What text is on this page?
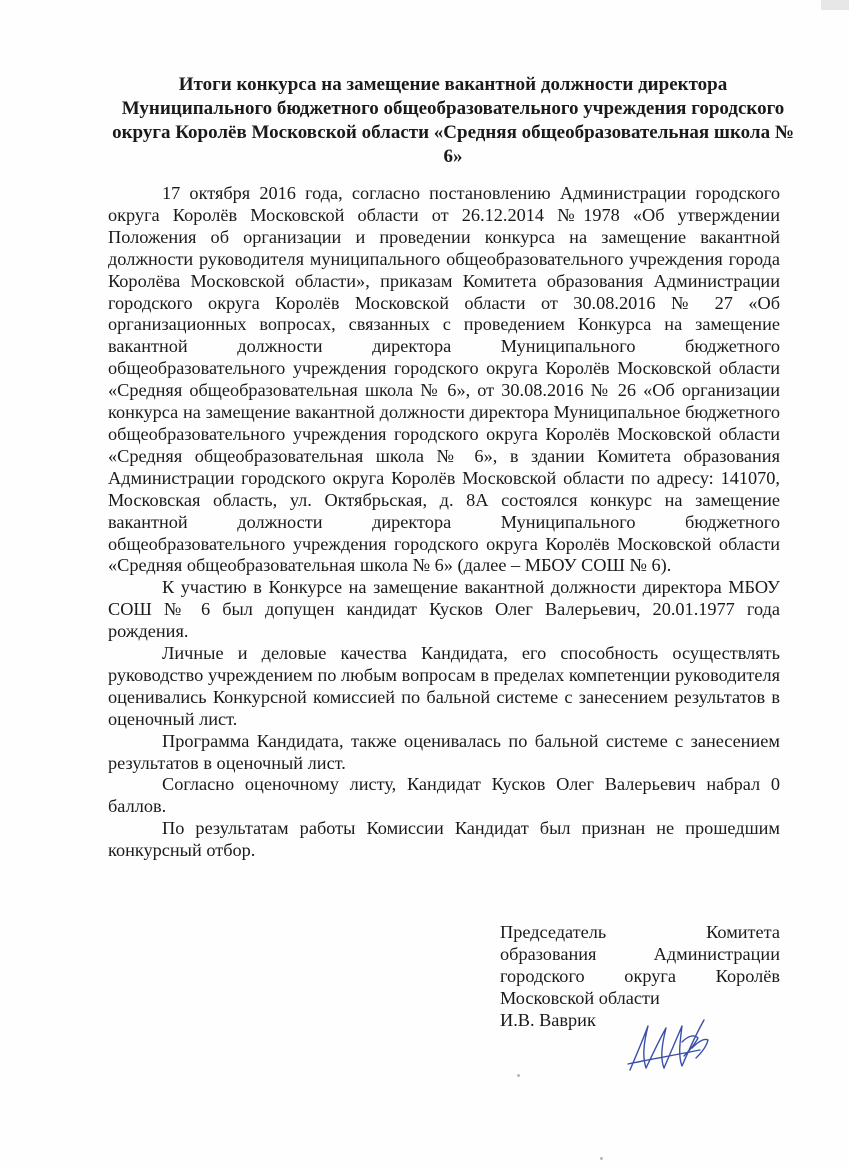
Итоги конкурса на замещение вакантной должности директора Муниципального бюджетного общеобразовательного учреждения городского округа Королёв Московской области «Средняя общеобразовательная школа № 6»

17 октября 2016 года, согласно постановлению Администрации городского округа Королёв Московской области от 26.12.2014 №1978 «Об утверждении Положения об организации и проведении конкурса на замещение вакантной должности руководителя муниципального общеобразовательного учреждения города Королёва Московской области», приказам Комитета образования Администрации городского округа Королёв Московской области от 30.08.2016 № 27 «Об организационных вопросах, связанных с проведением Конкурса на замещение вакантной должности директора Муниципального бюджетного общеобразовательного учреждения городского округа Королёв Московской области «Средняя общеобразовательная школа № 6», от 30.08.2016 № 26 «Об организации конкурса на замещение вакантной должности директора Муниципальное бюджетного общеобразовательного учреждения городского округа Королёв Московской области «Средняя общеобразовательная школа № 6», в здании Комитета образования Администрации городского округа Королёв Московской области по адресу: 141070, Московская область, ул. Октябрьская, д. 8А состоялся конкурс на замещение вакантной должности директора Муниципального бюджетного общеобразовательного учреждения городского округа Королёв Московской области «Средняя общеобразовательная школа № 6» (далее – МБОУ СОШ № 6).

К участию в Конкурсе на замещение вакантной должности директора МБОУ СОШ № 6 был допущен кандидат Кусков Олег Валерьевич, 20.01.1977 года рождения.

Личные и деловые качества Кандидата, его способность осуществлять руководство учреждением по любым вопросам в пределах компетенции руководителя оценивались Конкурсной комиссией по бальной системе с занесением результатов в оценочный лист.

Программа Кандидата, также оценивалась по бальной системе с занесением результатов в оценочный лист.

Согласно оценочному листу, Кандидат Кусков Олег Валерьевич набрал 0 баллов.

По результатам работы Комиссии Кандидат был признан не прошедшим конкурсный отбор.

Председатель Комитета
образования Администрации
городского округа Королёв
Московской области
И.В. Ваврик
